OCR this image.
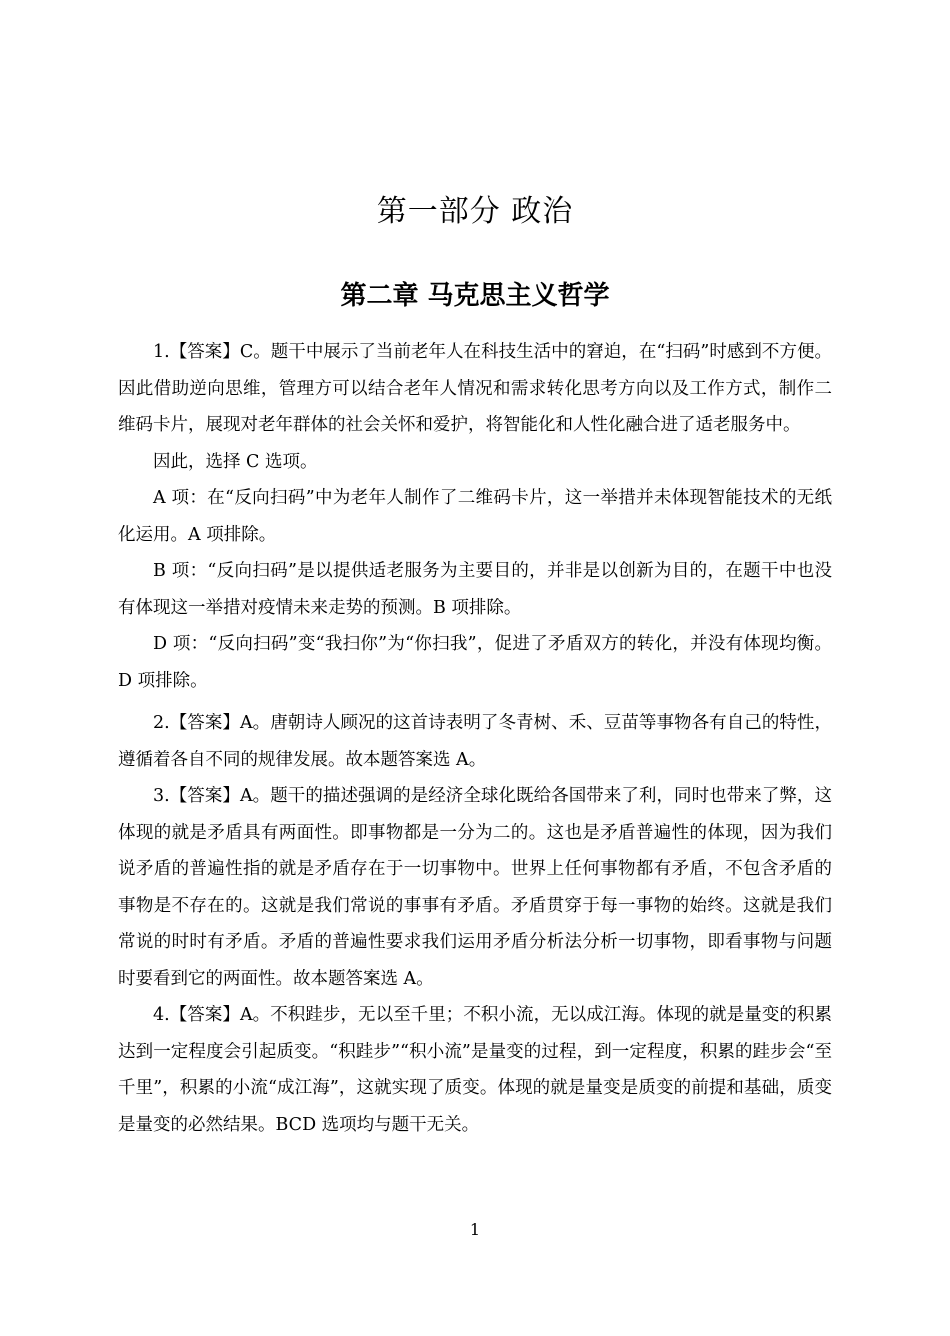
第一部分 政治
第二章 马克思主义哲学

1.【答案】C。题干中展示了当前老年人在科技生活中的窘迫，在“扫码”时感到不方便。因此借助逆向思维，管理方可以结合老年人情况和需求转化思考方向以及工作方式，制作二维码卡片，展现对老年群体的社会关怀和爱护，将智能化和人性化融合进了适老服务中。

因此，选择 C 选项。

A 项：在“反向扫码”中为老年人制作了二维码卡片，这一举措并未体现智能技术的无纸化运用。A 项排除。

B 项：“反向扫码”是以提供适老服务为主要目的，并非是以创新为目的，在题干中也没有体现这一举措对疫情未来走势的预测。B 项排除。

D 项：“反向扫码”变“我扫你”为“你扫我”，促进了矛盾双方的转化，并没有体现均衡。D 项排除。

2.【答案】A。唐朝诗人顾况的这首诗表明了冬青树、禾、豆苗等事物各有自己的特性，遵循着各自不同的规律发展。故本题答案选 A。

3.【答案】A。题干的描述强调的是经济全球化既给各国带来了利，同时也带来了弊，这体现的就是矛盾具有两面性。即事物都是一分为二的。这也是矛盾普遍性的体现，因为我们说矛盾的普遍性指的就是矛盾存在于一切事物中。世界上任何事物都有矛盾，不包含矛盾的事物是不存在的。这就是我们常说的事事有矛盾。矛盾贯穿于每一事物的始终。这就是我们常说的时时有矛盾。矛盾的普遍性要求我们运用矛盾分析法分析一切事物，即看事物与问题时要看到它的两面性。故本题答案选 A。

4.【答案】A。不积跬步，无以至千里；不积小流，无以成江海。体现的就是量变的积累达到一定程度会引起质变。“积跬步”“积小流”是量变的过程，到一定程度，积累的跬步会“至千里”，积累的小流“成江海”，这就实现了质变。体现的就是量变是质变的前提和基础，质变是量变的必然结果。BCD 选项均与题干无关。

1
